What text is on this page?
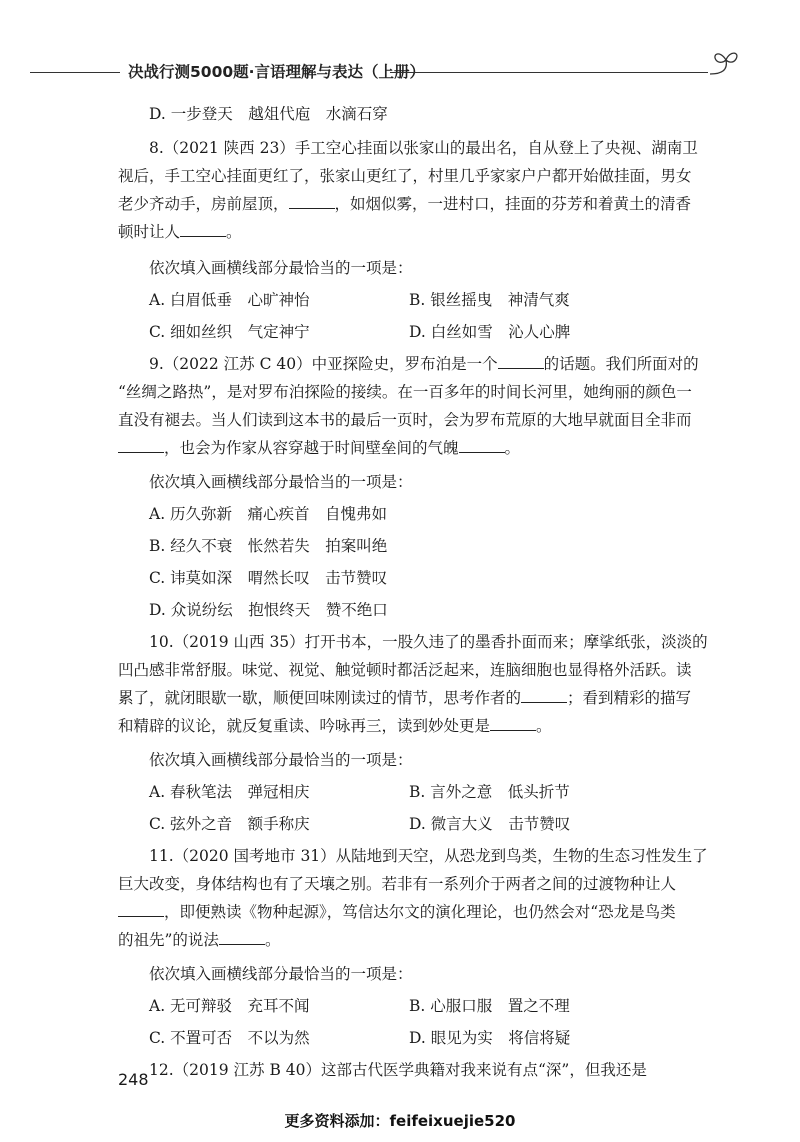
决战行测5000题·言语理解与表达（上册）

D. 一步登天　越俎代庖　水滴石穿

8.（2021 陕西 23）手工空心挂面以张家山的最出名，自从登上了央视、湖南卫

视后，手工空心挂面更红了，张家山更红了，村里几乎家家户户都开始做挂面，男女

老少齐动手，房前屋顶，	，如烟似雾，一进村口，挂面的芬芳和着黄土的清香

顿时让人	。

依次填入画横线部分最恰当的一项是：

A. 白眉低垂　心旷神怡	B. 银丝摇曳　神清气爽
C. 细如丝织　气定神宁	D. 白丝如雪　沁人心脾

9.（2022 江苏 C 40）中亚探险史，罗布泊是一个	的话题。我们所面对的

“丝绸之路热”，是对罗布泊探险的接续。在一百多年的时间长河里，她绚丽的颜色一

直没有褪去。当人们读到这本书的最后一页时，会为罗布荒原的大地早就面目全非而

，也会为作家从容穿越于时间壁垒间的气魄	。

依次填入画横线部分最恰当的一项是：

A. 历久弥新　痛心疾首　自愧弗如
B. 经久不衰　怅然若失　拍案叫绝
C. 讳莫如深　喟然长叹　击节赞叹
D. 众说纷纭　抱恨终天　赞不绝口

10.（2019 山西 35）打开书本，一股久违了的墨香扑面而来；摩挲纸张，淡淡的

凹凸感非常舒服。味觉、视觉、触觉顿时都活泛起来，连脑细胞也显得格外活跃。读

累了，就闭眼歇一歇，顺便回味刚读过的情节，思考作者的	；看到精彩的描写

和精辟的议论，就反复重读、吟咏再三，读到妙处更是	。

依次填入画横线部分最恰当的一项是：

A. 春秋笔法　弹冠相庆	B. 言外之意　低头折节
C. 弦外之音　额手称庆	D. 微言大义　击节赞叹

11.（2020 国考地市 31）从陆地到天空，从恐龙到鸟类，生物的生态习性发生了

巨大改变，身体结构也有了天壤之别。若非有一系列介于两者之间的过渡物种让人

，即便熟读《物种起源》，笃信达尔文的演化理论，也仍然会对“恐龙是鸟类

的祖先”的说法	。

依次填入画横线部分最恰当的一项是：

A. 无可辩驳　充耳不闻	B. 心服口服　置之不理
C. 不置可否　不以为然	D. 眼见为实　将信将疑

12.（2019 江苏 B 40）这部古代医学典籍对我来说有点“深”，但我还是

248
更多资料添加：feifeixuejie520
